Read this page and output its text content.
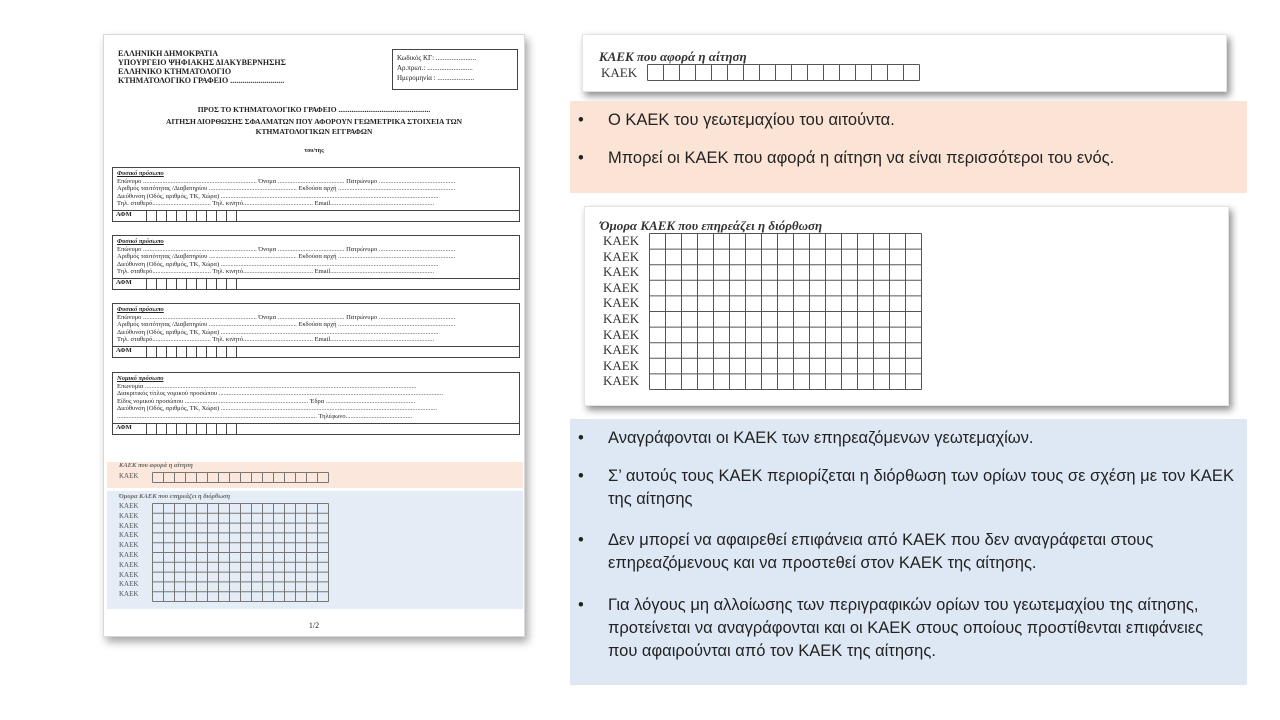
ΕΛΛΗΝΙΚΗ ΔΗΜΟΚΡΑΤΙΑ
ΥΠΟΥΡΓΕΙΟ ΨΗΦΙΑΚΗΣ ΔΙΑΚΥΒΕΡΝΗΣΗΣ
ΕΛΛΗΝΙΚΟ ΚΤΗΜΑΤΟΛΟΓΙΟ
ΚΤΗΜΑΤΟΛΟΓΙΚΟ ΓΡΑΦΕΙΟ ...........................
Κωδικός ΚΓ: .......................
Αρ.πρωτ.: ..........................
Ημερομηνία : .....................
ΠΡΟΣ ΤΟ ΚΤΗΜΑΤΟΛΟΓΙΚΟ ΓΡΑΦΕΙΟ .................................................
ΑΙΤΗΣΗ ΔΙΟΡΘΩΣΗΣ ΣΦΑΛΜΑΤΩΝ ΠΟΥ ΑΦΟΡΟΥΝ ΓΕΩΜΕΤΡΙΚΑ ΣΤΟΙΧΕΙΑ ΤΩΝ
ΚΤΗΜΑΤΟΛΟΓΙΚΩΝ ΕΓΓΡΑΦΩΝ
του/της
Φυσικό πρόσωπο
Επώνυμο ...................................................................... Όνομα ......................................... Πατρώνυμο ...............................................
Αριθμός ταυτότητας /Διαβατηρίου ...................................................... Εκδούσα αρχή ........................................................................
Διεύθυνση (Οδός, αριθμός, ΤΚ, Χώρα) ......................................................................................................................................
Τηλ. σταθερό.................................... Τηλ. κινητό........................................... Email................................................................
ΑΦΜ
Φυσικό πρόσωπο
Επώνυμο ...................................................................... Όνομα ......................................... Πατρώνυμο ...............................................
Αριθμός ταυτότητας /Διαβατηρίου ...................................................... Εκδούσα αρχή ........................................................................
Διεύθυνση (Οδός, αριθμός, ΤΚ, Χώρα) ......................................................................................................................................
Τηλ. σταθερό.................................... Τηλ. κινητό........................................... Email................................................................
ΑΦΜ
Φυσικό πρόσωπο
Επώνυμο ...................................................................... Όνομα ......................................... Πατρώνυμο ...............................................
Αριθμός ταυτότητας /Διαβατηρίου ...................................................... Εκδούσα αρχή ........................................................................
Διεύθυνση (Οδός, αριθμός, ΤΚ, Χώρα) ......................................................................................................................................
Τηλ. σταθερό.................................... Τηλ. κινητό........................................... Email................................................................
ΑΦΜ
Νομικό πρόσωπο
Επωνυμία .......................................................................................................................................................................
Διακριτικός τίτλος νομικού προσώπου ..........................................................................................................................................
Είδος νομικού προσώπου ............................................................................ Έδρα .......................................................
Διεύθυνση (Οδός, αριθμός, ΤΚ, Χώρα) .....................................................................................................................................
........................................................................................................................... Τηλέφωνο.........................................
ΑΦΜ
ΚΑΕΚ που αφορά η αίτηση
ΚΑΕΚ
Όμορα ΚΑΕΚ που επηρεάζει η διόρθωση
ΚΑΕΚ
ΚΑΕΚ
ΚΑΕΚ
ΚΑΕΚ
ΚΑΕΚ
ΚΑΕΚ
ΚΑΕΚ
ΚΑΕΚ
ΚΑΕΚ
ΚΑΕΚ
1/2
ΚΑΕΚ που αφορά η αίτηση
ΚΑΕΚ
•	Ο ΚΑΕΚ του γεωτεμαχίου του αιτούντα.
•	Μπορεί οι ΚΑΕΚ που αφορά η αίτηση να είναι περισσότεροι του ενός.
Όμορα ΚΑΕΚ που επηρεάζει η διόρθωση
ΚΑΕΚ
ΚΑΕΚ
ΚΑΕΚ
ΚΑΕΚ
ΚΑΕΚ
ΚΑΕΚ
ΚΑΕΚ
ΚΑΕΚ
ΚΑΕΚ
ΚΑΕΚ
•	Αναγράφονται οι ΚΑΕΚ των επηρεαζόμενων γεωτεμαχίων.
•	Σ’ αυτούς τους ΚΑΕΚ περιορίζεται η διόρθωση των ορίων τους σε σχέση με τον ΚΑΕΚ της αίτησης
•	Δεν μπορεί να αφαιρεθεί επιφάνεια από ΚΑΕΚ που δεν αναγράφεται στους επηρεαζόμενους και να προστεθεί στον ΚΑΕΚ της αίτησης.
•	Για λόγους μη αλλοίωσης των περιγραφικών ορίων του γεωτεμαχίου της αίτησης, προτείνεται να αναγράφονται και οι ΚΑΕΚ στους οποίους προστίθενται επιφάνειες που αφαιρούνται από τον ΚΑΕΚ της αίτησης.
